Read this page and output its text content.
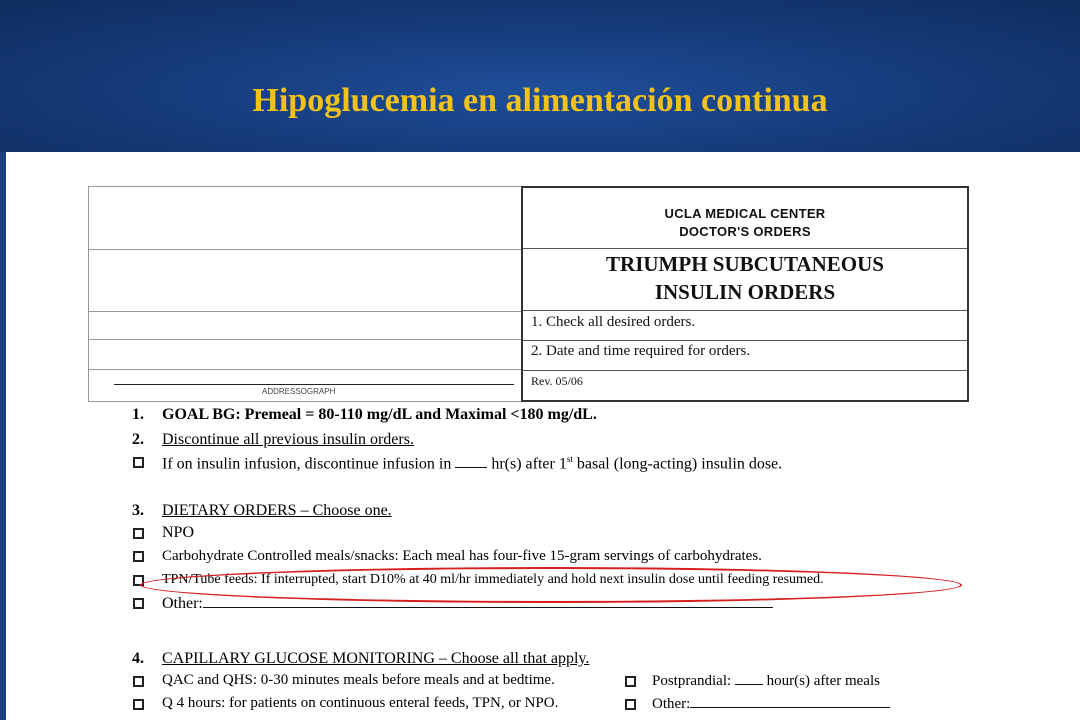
Hipoglucemia en alimentación continua
ADDRESSOGRAPH
UCLA MEDICAL CENTER
DOCTOR'S ORDERS
TRIUMPH SUBCUTANEOUS
INSULIN ORDERS
1. Check all desired orders.
2. Date and time required for orders.
Rev. 05/06
1. GOAL BG: Premeal = 80-110 mg/dL and Maximal <180 mg/dL.
2. Discontinue all previous insulin orders.
If on insulin infusion, discontinue infusion in	hr(s) after 1st basal (long-acting) insulin dose.
3. DIETARY ORDERS – Choose one.
NPO
Carbohydrate Controlled meals/snacks: Each meal has four-five 15-gram servings of carbohydrates.
TPN/Tube feeds: If interrupted, start D10% at 40 ml/hr immediately and hold next insulin dose until feeding resumed.
Other:
4. CAPILLARY GLUCOSE MONITORING – Choose all that apply.
QAC and QHS: 0-30 minutes meals before meals and at bedtime.
Q 4 hours: for patients on continuous enteral feeds, TPN, or NPO.
Postprandial: hour(s) after meals
Other:
